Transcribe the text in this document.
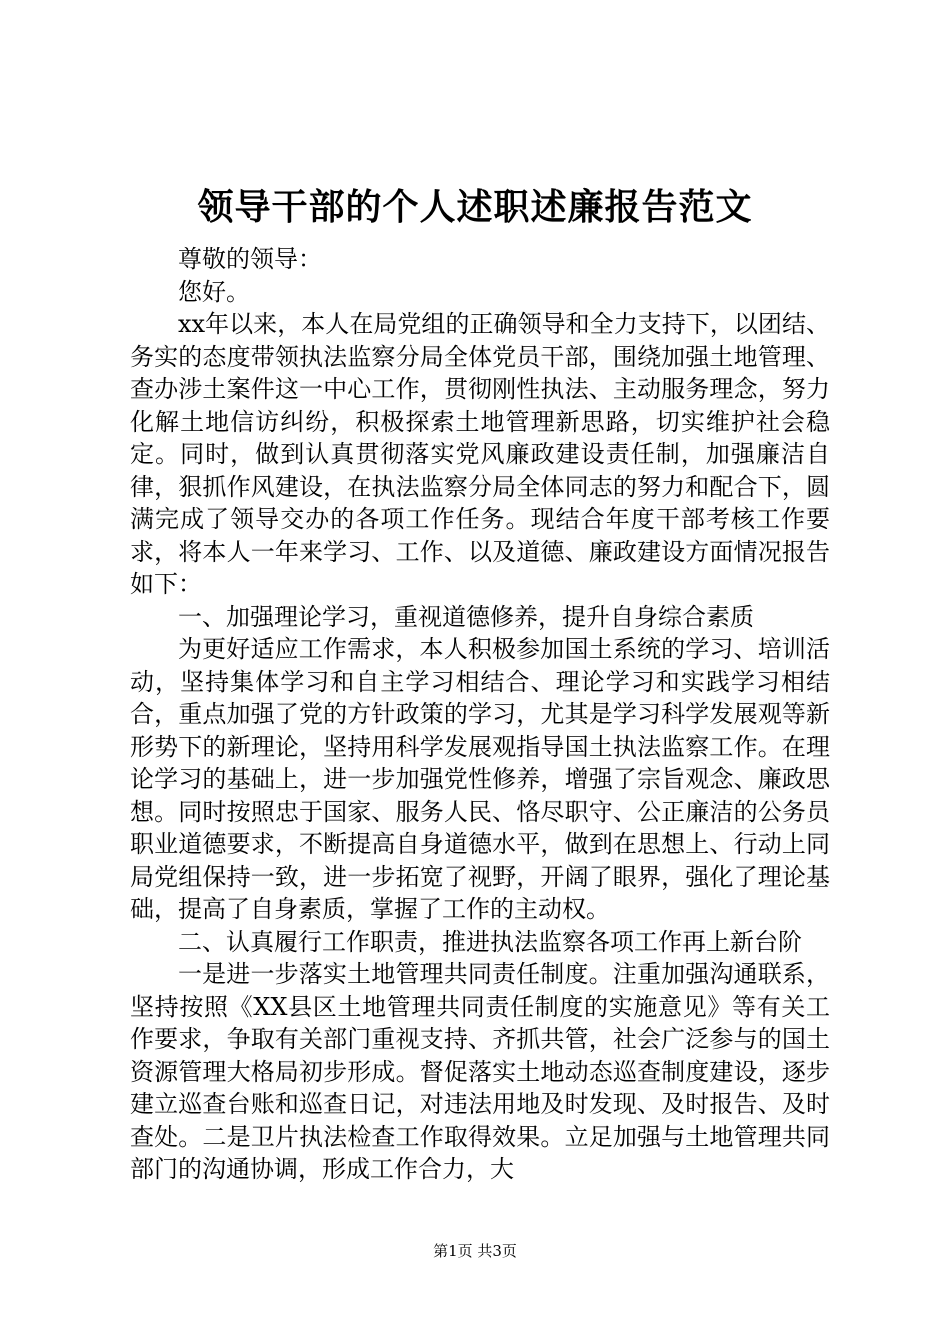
领导干部的个人述职述廉报告范文

尊敬的领导：

您好。

xx年以来，本人在局党组的正确领导和全力支持下，以团结、务实的态度带领执法监察分局全体党员干部，围绕加强土地管理、查办涉土案件这一中心工作，贯彻刚性执法、主动服务理念，努力化解土地信访纠纷，积极探索土地管理新思路，切实维护社会稳定。同时，做到认真贯彻落实党风廉政建设责任制，加强廉洁自律，狠抓作风建设，在执法监察分局全体同志的努力和配合下，圆满完成了领导交办的各项工作任务。现结合年度干部考核工作要求，将本人一年来学习、工作、以及道德、廉政建设方面情况报告如下：

一、加强理论学习，重视道德修养，提升自身综合素质

为更好适应工作需求，本人积极参加国土系统的学习、培训活动，坚持集体学习和自主学习相结合、理论学习和实践学习相结合，重点加强了党的方针政策的学习，尤其是学习科学发展观等新形势下的新理论，坚持用科学发展观指导国土执法监察工作。在理论学习的基础上，进一步加强党性修养，增强了宗旨观念、廉政思想。同时按照忠于国家、服务人民、恪尽职守、公正廉洁的公务员职业道德要求，不断提高自身道德水平，做到在思想上、行动上同局党组保持一致，进一步拓宽了视野，开阔了眼界，强化了理论基础，提高了自身素质，掌握了工作的主动权。

二、认真履行工作职责，推进执法监察各项工作再上新台阶

一是进一步落实土地管理共同责任制度。注重加强沟通联系，坚持按照《XX县区土地管理共同责任制度的实施意见》等有关工作要求，争取有关部门重视支持、齐抓共管，社会广泛参与的国土资源管理大格局初步形成。督促落实土地动态巡查制度建设，逐步建立巡查台账和巡查日记，对违法用地及时发现、及时报告、及时查处。二是卫片执法检查工作取得效果。立足加强与土地管理共同部门的沟通协调，形成工作合力，大

第1页 共3页
